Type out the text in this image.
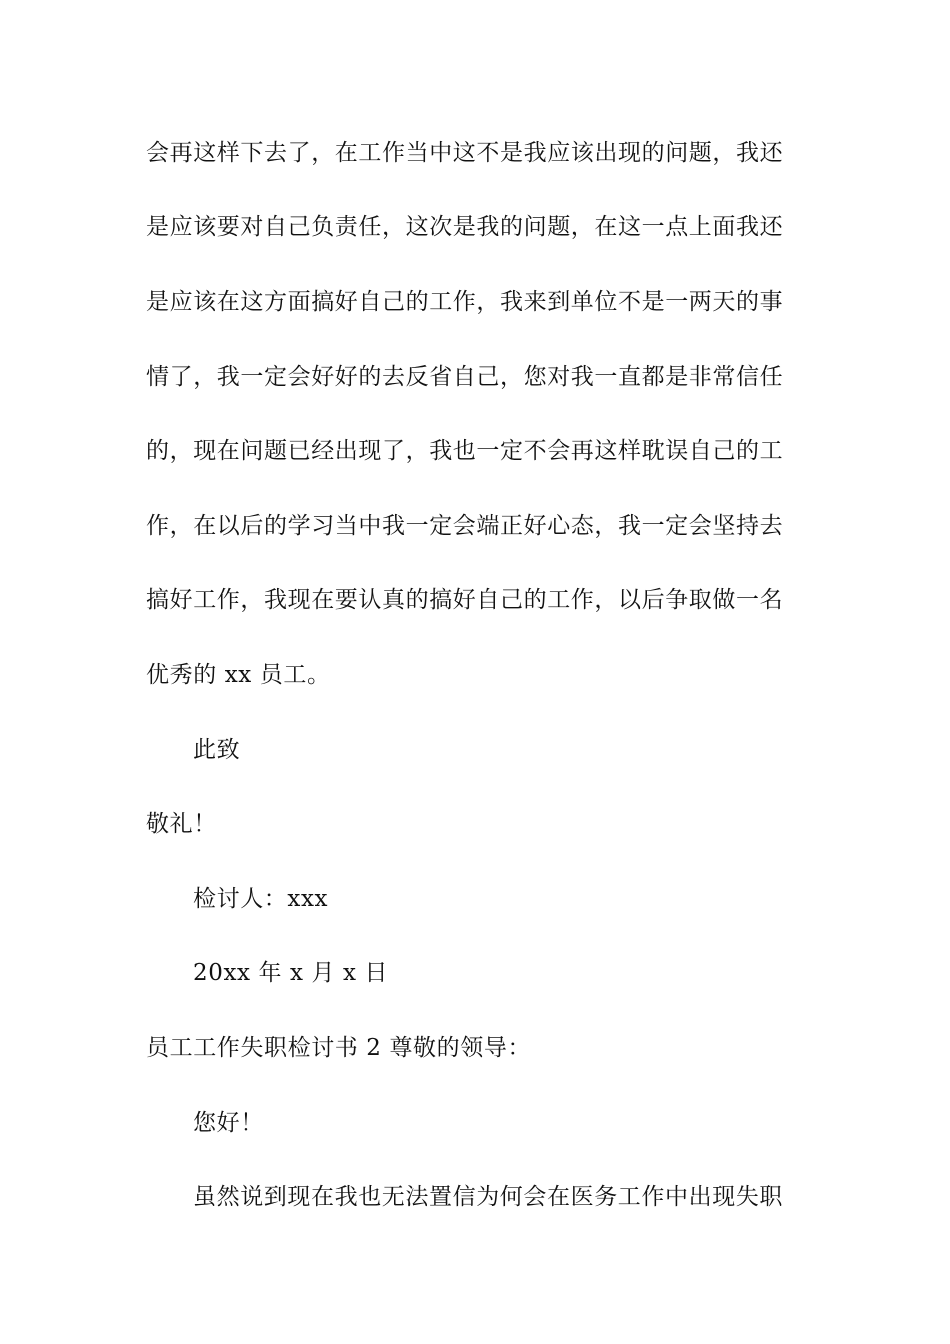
会再这样下去了，在工作当中这不是我应该出现的问题，我还
是应该要对自己负责任，这次是我的问题，在这一点上面我还
是应该在这方面搞好自己的工作，我来到单位不是一两天的事
情了，我一定会好好的去反省自己，您对我一直都是非常信任
的，现在问题已经出现了，我也一定不会再这样耽误自己的工
作，在以后的学习当中我一定会端正好心态，我一定会坚持去
搞好工作，我现在要认真的搞好自己的工作，以后争取做一名
优秀的 xx 员工。
此致
敬礼！
检讨人：xxx
20xx 年 x 月 x 日
员工工作失职检讨书 2 尊敬的领导：
您好！
虽然说到现在我也无法置信为何会在医务工作中出现失职
